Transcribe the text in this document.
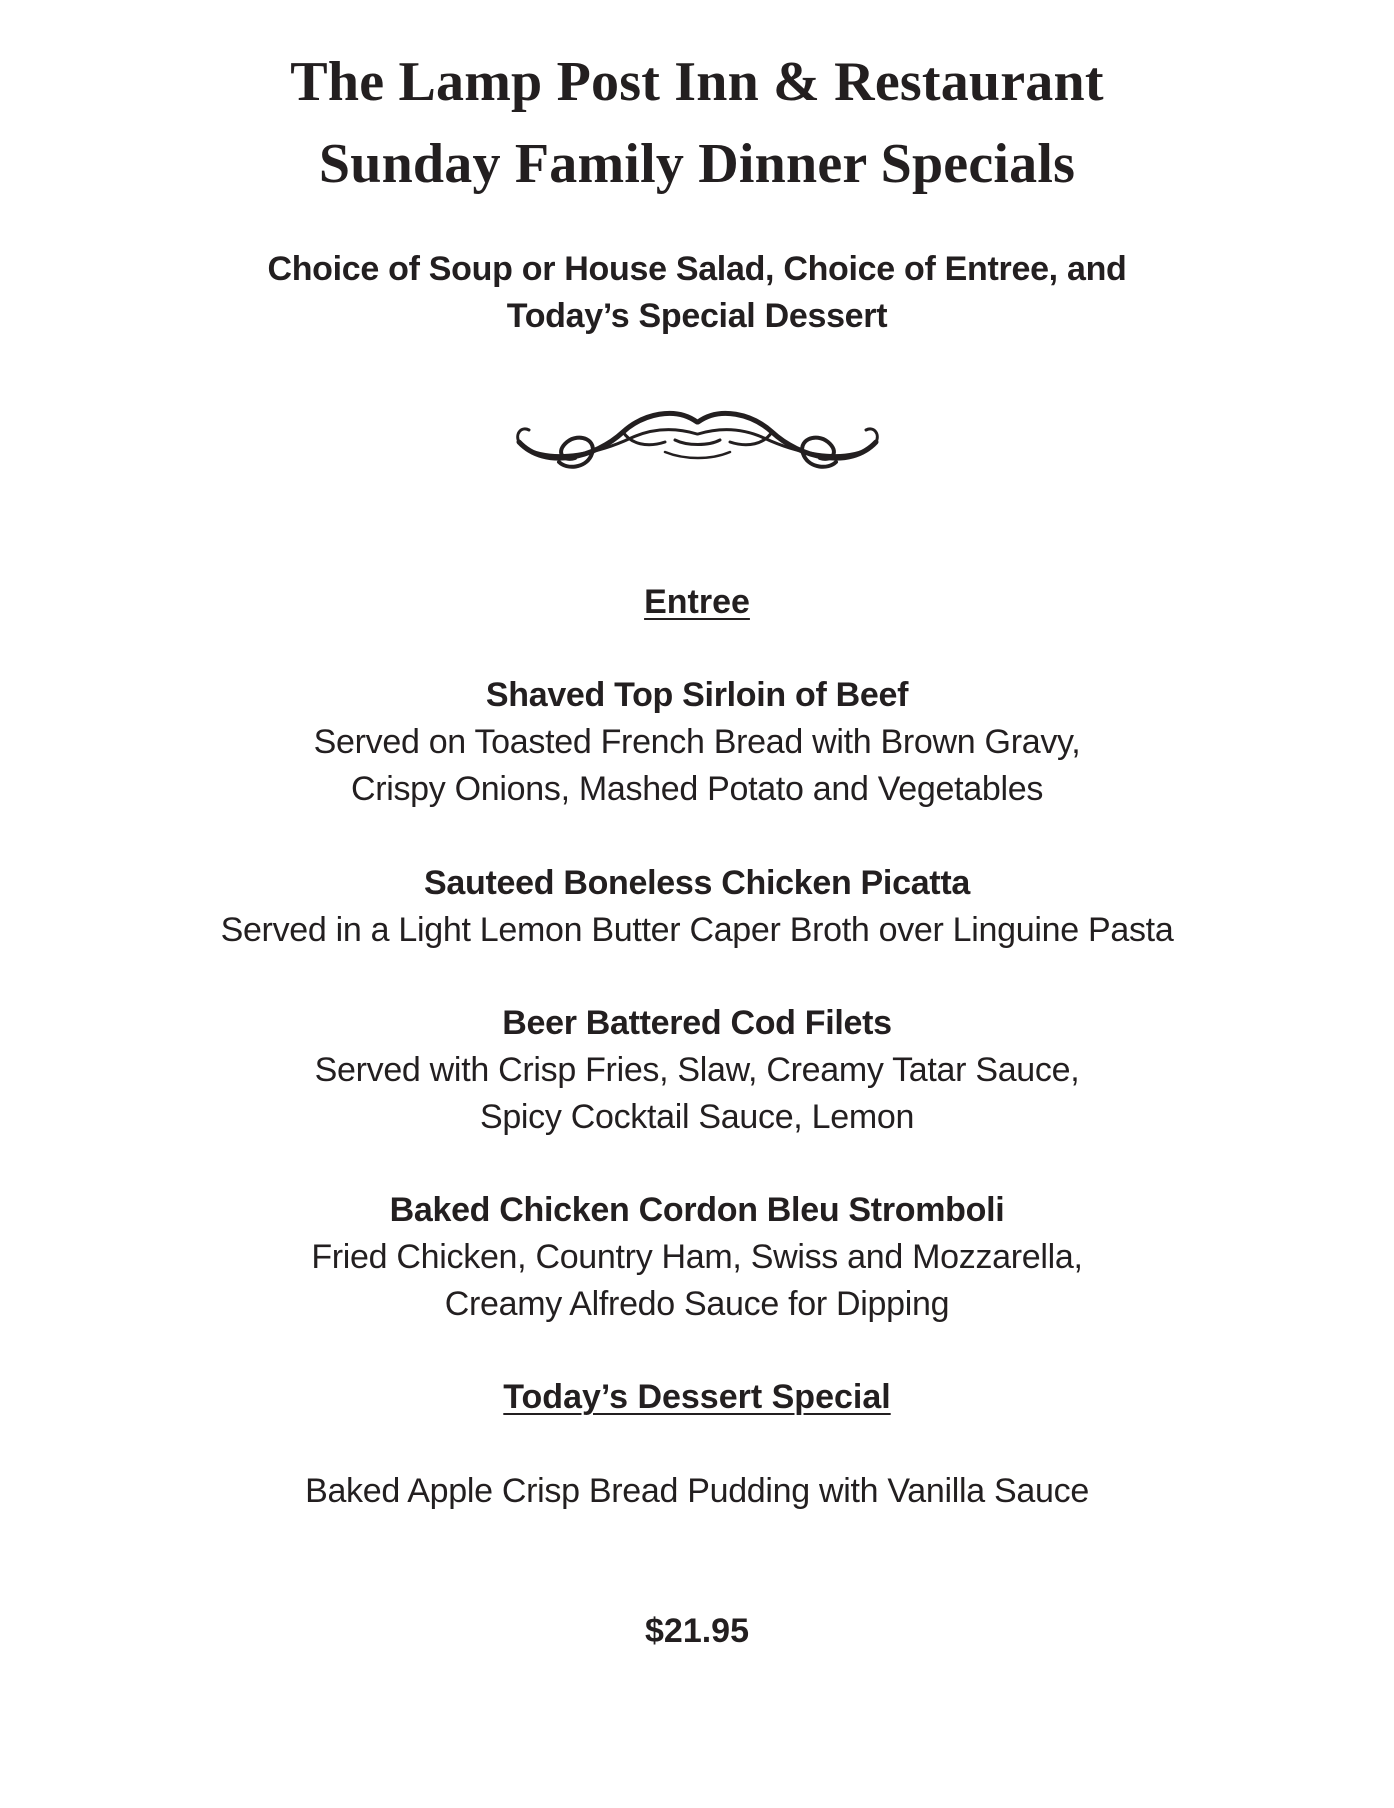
The Lamp Post Inn & Restaurant
Sunday Family Dinner Specials
Choice of Soup or House Salad, Choice of Entree, and
Today’s Special Dessert
Entree
Shaved Top Sirloin of Beef
Served on Toasted French Bread with Brown Gravy,
Crispy Onions, Mashed Potato and Vegetables
Sauteed Boneless Chicken Picatta
Served in a Light Lemon Butter Caper Broth over Linguine Pasta
Beer Battered Cod Filets
Served with Crisp Fries, Slaw, Creamy Tatar Sauce,
Spicy Cocktail Sauce, Lemon
Baked Chicken Cordon Bleu Stromboli
Fried Chicken, Country Ham, Swiss and Mozzarella,
Creamy Alfredo Sauce for Dipping
Today’s Dessert Special
Baked Apple Crisp Bread Pudding with Vanilla Sauce
$21.95
